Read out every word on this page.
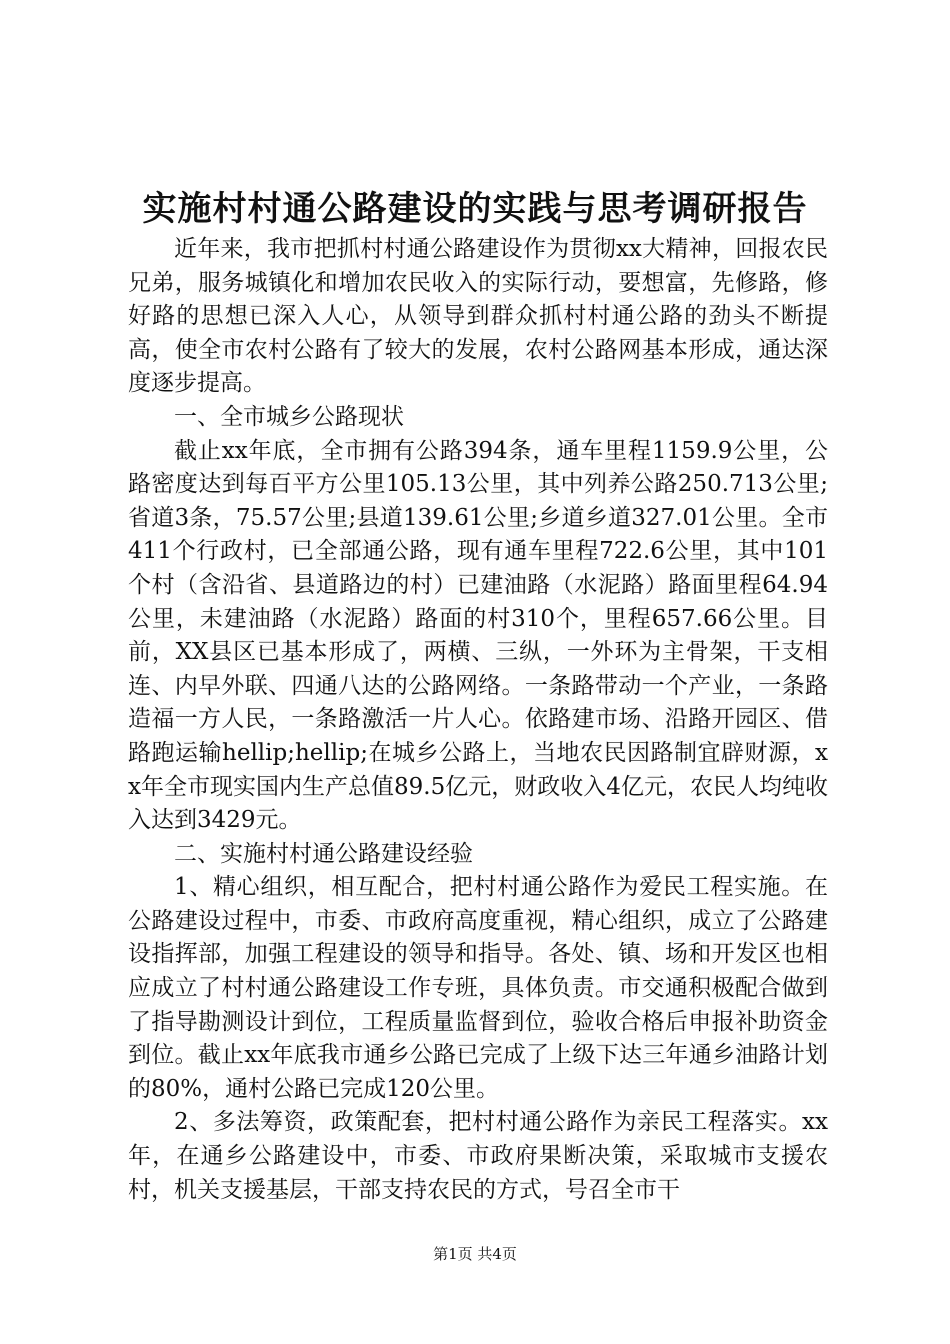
实施村村通公路建设的实践与思考调研报告

近年来，我市把抓村村通公路建设作为贯彻xx大精神，回报农民兄弟，服务城镇化和增加农民收入的实际行动，要想富，先修路，修好路的思想已深入人心，从领导到群众抓村村通公路的劲头不断提高，使全市农村公路有了较大的发展，农村公路网基本形成，通达深度逐步提高。

一、全市城乡公路现状

截止xx年底，全市拥有公路394条，通车里程1159.9公里，公路密度达到每百平方公里105.13公里，其中列养公路250.713公里;省道3条，75.57公里;县道139.61公里;乡道乡道327.01公里。全市411个行政村，已全部通公路，现有通车里程722.6公里，其中101个村（含沿省、县道路边的村）已建油路（水泥路）路面里程64.94公里，未建油路（水泥路）路面的村310个，里程657.66公里。目前，XX县区已基本形成了，两横、三纵，一外环为主骨架，干支相连、内早外联、四通八达的公路网络。一条路带动一个产业，一条路造福一方人民，一条路激活一片人心。依路建市场、沿路开园区、借路跑运输hellip;hellip;在城乡公路上，当地农民因路制宜辟财源，xx年全市现实国内生产总值89.5亿元，财政收入4亿元，农民人均纯收入达到3429元。

二、实施村村通公路建设经验

1、精心组织，相互配合，把村村通公路作为爱民工程实施。在公路建设过程中，市委、市政府高度重视，精心组织，成立了公路建设指挥部，加强工程建设的领导和指导。各处、镇、场和开发区也相应成立了村村通公路建设工作专班，具体负责。市交通积极配合做到了指导勘测设计到位，工程质量监督到位，验收合格后申报补助资金到位。截止xx年底我市通乡公路已完成了上级下达三年通乡油路计划的80%，通村公路已完成120公里。

2、多法筹资，政策配套，把村村通公路作为亲民工程落实。xx年，在通乡公路建设中，市委、市政府果断决策，采取城市支援农村，机关支援基层，干部支持农民的方式，号召全市干

第1页 共4页
